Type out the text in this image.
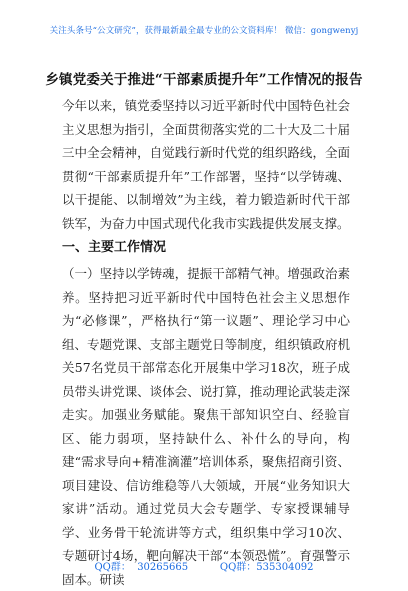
关注头条号“公文研究”，获得最新最全最专业的公文资料库！ 微信：gongwenyj
乡镇党委关于推进“干部素质提升年”工作情况的报告
今年以来，镇党委坚持以习近平新时代中国特色社会主义思想为指引，全面贯彻落实党的二十大及二十届三中全会精神，自觉践行新时代党的组织路线，全面贯彻“干部素质提升年”工作部署，坚持“以学铸魂、以干提能、以制增效”为主线，着力锻造新时代干部铁军，为奋力中国式现代化我市实践提供发展支撑。
一、主要工作情况
（一）坚持以学铸魂，提振干部精气神。增强政治素养。坚持把习近平新时代中国特色社会主义思想作为“必修课”，严格执行“第一议题”、理论学习中心组、专题党课、支部主题党日等制度，组织镇政府机关57名党员干部常态化开展集中学习18次，班子成员带头讲党课、谈体会、说打算，推动理论武装走深走实。加强业务赋能。聚焦干部知识空白、经验盲区、能力弱项，坚持缺什么、补什么的导向，构建“需求导向+精准滴灌”培训体系，聚焦招商引资、项目建设、信访维稳等八大领域，开展“业务知识大家讲”活动。通过党员大会专题学、专家授课辅导学、业务骨干轮流讲等方式，组织集中学习10次、专题研讨4场，靶向解决干部“本领恐慌”。育强警示固本。研读
QQ群：  30265665          QQ群：535304092
